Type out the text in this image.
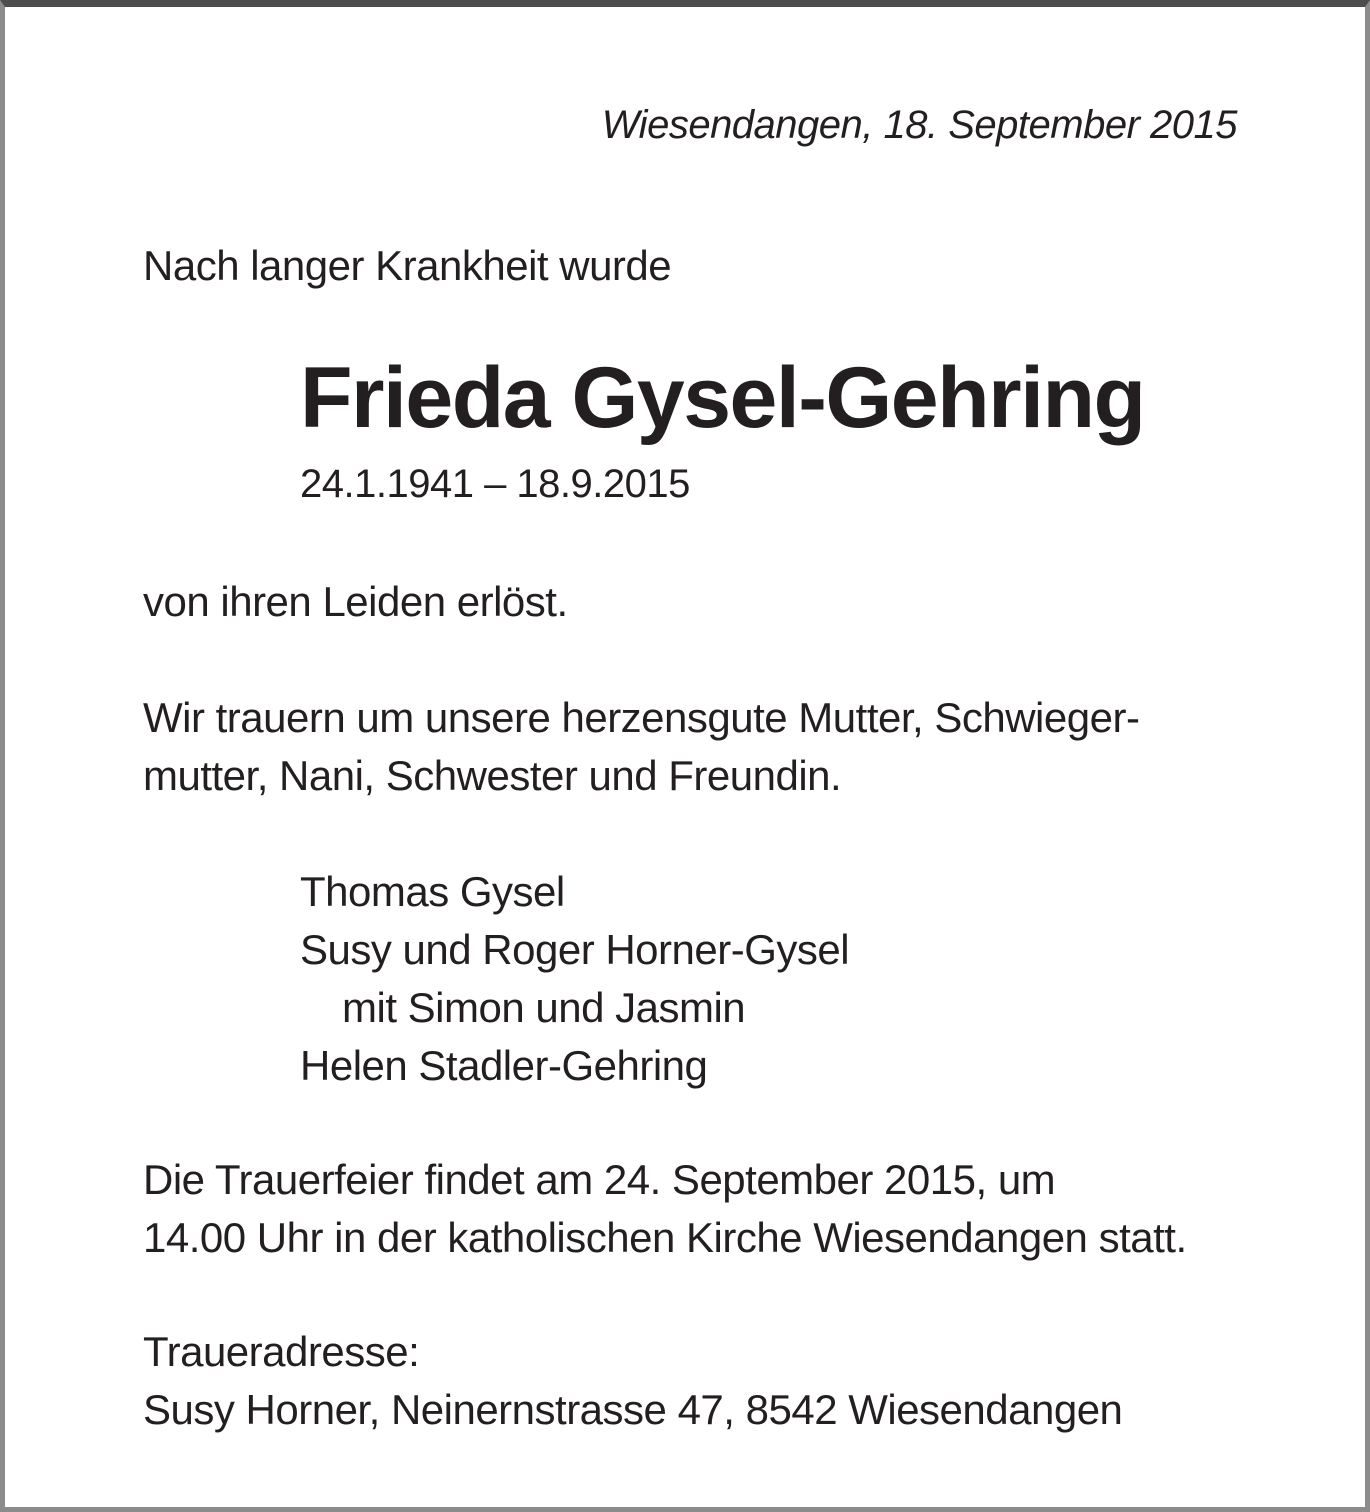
Wiesendangen, 18. September 2015
Nach langer Krankheit wurde
Frieda Gysel-Gehring
24.1.1941 – 18.9.2015
von ihren Leiden erlöst.
Wir trauern um unsere herzensgute Mutter, Schwieger-
mutter, Nani, Schwester und Freundin.
Thomas Gysel
Susy und Roger Horner-Gysel
mit Simon und Jasmin
Helen Stadler-Gehring
Die Trauerfeier findet am 24. September 2015, um
14.00 Uhr in der katholischen Kirche Wiesendangen statt.
Traueradresse:
Susy Horner, Neinernstrasse 47, 8542 Wiesendangen
